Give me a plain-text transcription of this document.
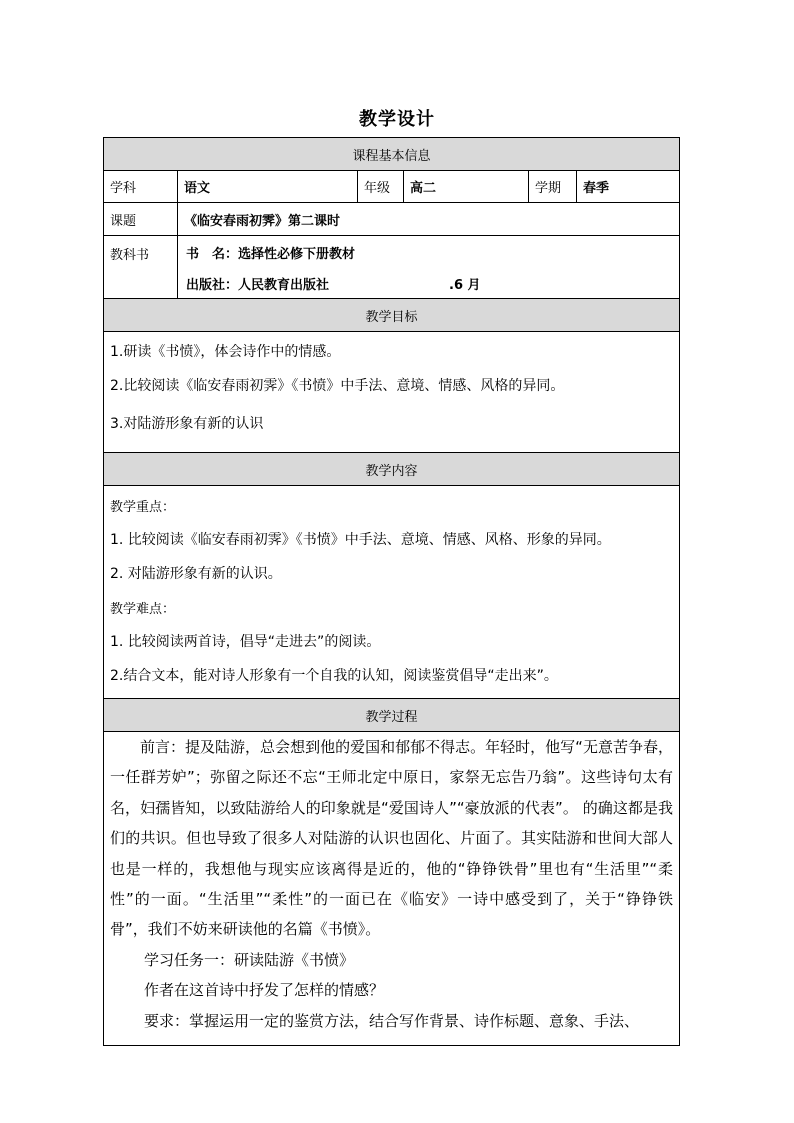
教学设计
课程基本信息
学科	语文	年级	高二	学期	春季
课题	《临安春雨初霁》第二课时
教科书	书　名：选择性必修下册教材
出版社：人民教育出版社	.6 月
教学目标
1.研读《书愤》，体会诗作中的情感。
2.比较阅读《临安春雨初霁》《书愤》中手法、意境、情感、风格的异同。
3.对陆游形象有新的认识
教学内容
教学重点：
1. 比较阅读《临安春雨初霁》《书愤》中手法、意境、情感、风格、形象的异同。
2. 对陆游形象有新的认识。
教学难点：
1. 比较阅读两首诗，倡导“走进去”的阅读。
2.结合文本，能对诗人形象有一个自我的认知，阅读鉴赏倡导“走出来”。
教学过程
前言：提及陆游，总会想到他的爱国和郁郁不得志。年轻时，他写“无意苦争春，一任群芳妒”；弥留之际还不忘“王师北定中原日，家祭无忘告乃翁”。这些诗句太有名，妇孺皆知，以致陆游给人的印象就是“爱国诗人”“豪放派的代表”。 的确这都是我们的共识。但也导致了很多人对陆游的认识也固化、片面了。其实陆游和世间大部人也是一样的，我想他与现实应该离得是近的，他的“铮铮铁骨”里也有“生活里”“柔性”的一面。“生活里”“柔性”的一面已在《临安》一诗中感受到了，关于“铮铮铁骨”，我们不妨来研读他的名篇《书愤》。
学习任务一：研读陆游《书愤》
作者在这首诗中抒发了怎样的情感？
要求：掌握运用一定的鉴赏方法，结合写作背景、诗作标题、意象、手法、
